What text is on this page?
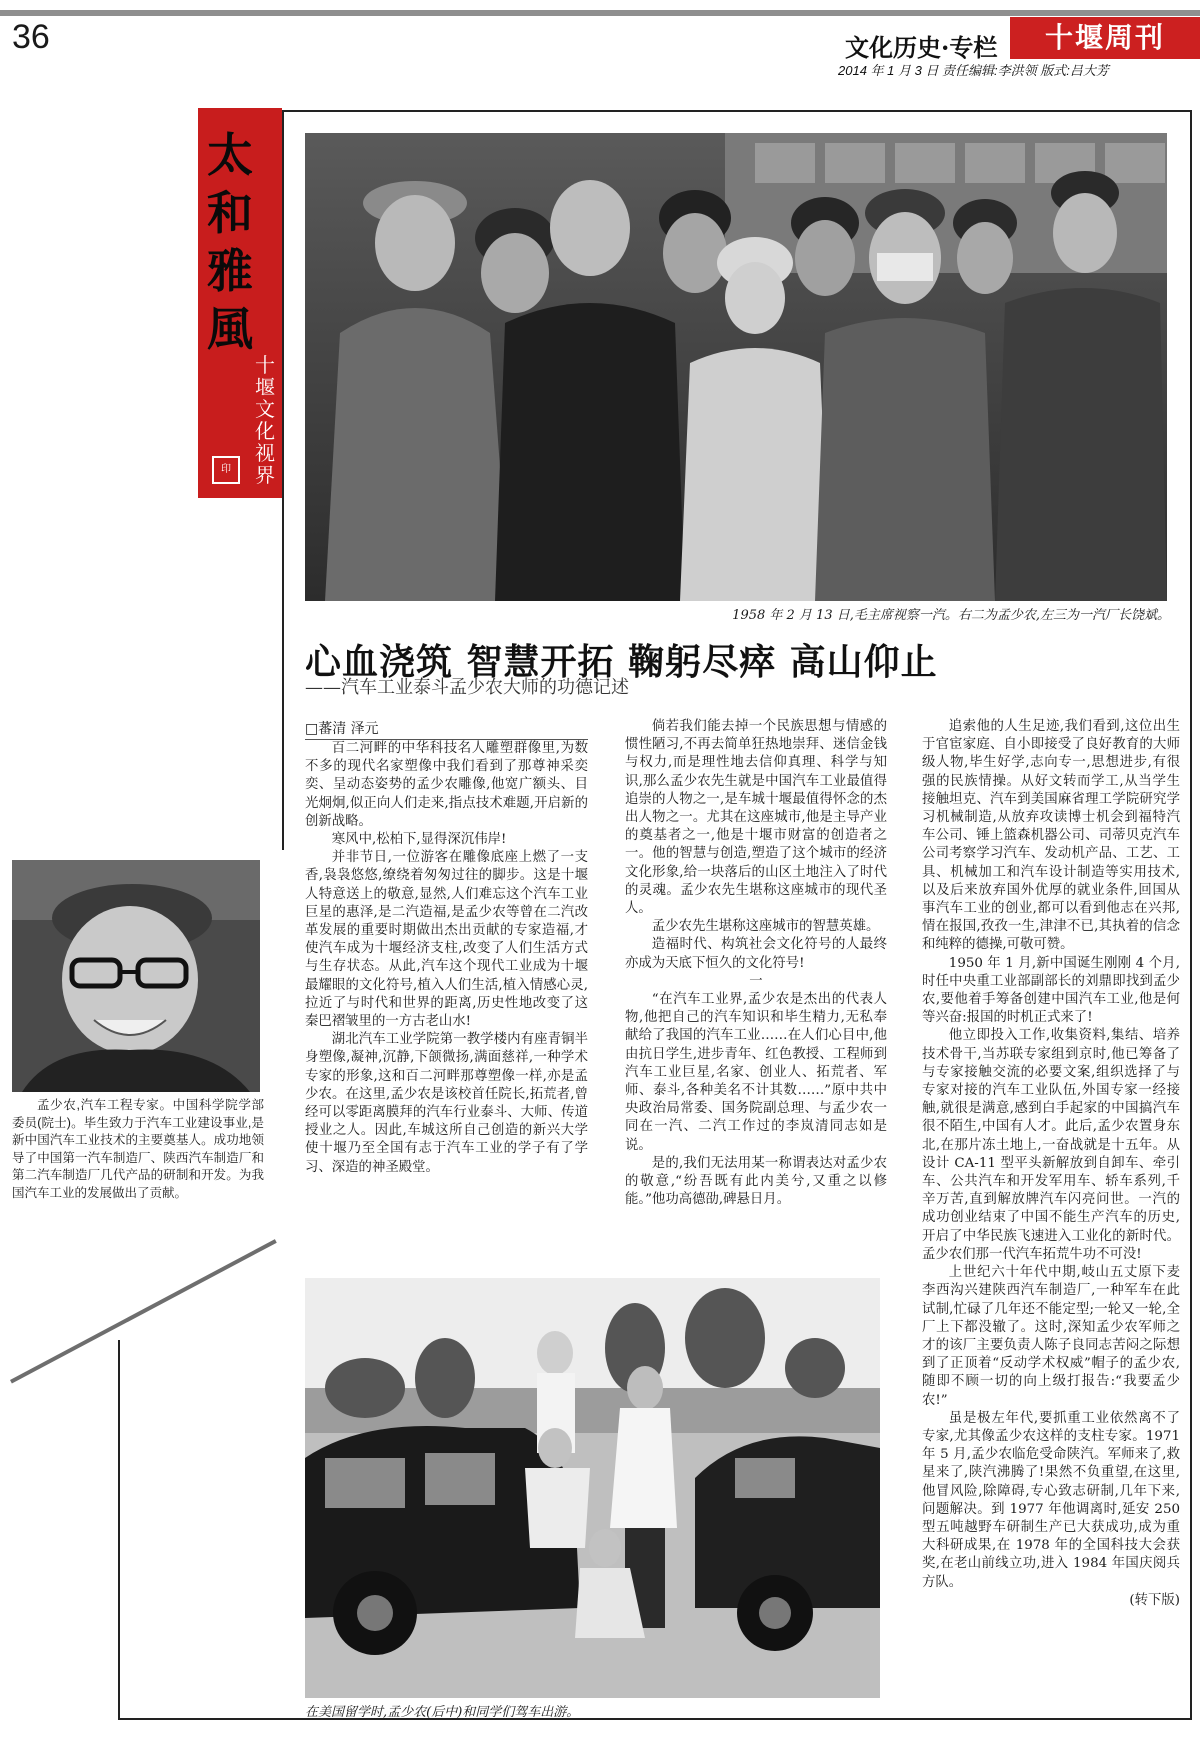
36	文化历史·专栏	十堰周刊
2014 年 1 月 3 日 责任编辑:李洪领 版式:吕大芳
太和雅風
十堰文化视界
印
1958 年 2 月 13 日,毛主席视察一汽。右二为孟少农,左三为一汽厂长饶斌。
心血浇筑 智慧开拓 鞠躬尽瘁 高山仰止
——汽车工业泰斗孟少农大师的功德记述
□蕃清 泽元

百二河畔的中华科技名人雕塑群像里,为数不多的现代名家塑像中我们看到了那尊神采奕奕、呈动态姿势的孟少农雕像,他宽广额头、目光炯炯,似正向人们走来,指点技术难题,开启新的创新战略。

寒风中,松柏下,显得深沉伟岸!

并非节日,一位游客在雕像底座上燃了一支香,袅袅悠悠,缭绕着匆匆过往的脚步。这是十堰人特意送上的敬意,显然,人们难忘这个汽车工业巨星的惠泽,是二汽造福,是孟少农等曾在二汽改革发展的重要时期做出杰出贡献的专家造福,才使汽车成为十堰经济支柱,改变了人们生活方式与生存状态。从此,汽车这个现代工业成为十堰最耀眼的文化符号,植入人们生活,植入情感心灵,拉近了与时代和世界的距离,历史性地改变了这秦巴褶皱里的一方古老山水!

湖北汽车工业学院第一教学楼内有座青铜半身塑像,凝神,沉静,下颌微扬,满面慈祥,一种学术专家的形象,这和百二河畔那尊塑像一样,亦是孟少农。在这里,孟少农是该校首任院长,拓荒者,曾经可以零距离膜拜的汽车行业泰斗、大师、传道授业之人。因此,车城这所自己创造的新兴大学使十堰乃至全国有志于汽车工业的学子有了学习、深造的神圣殿堂。

倘若我们能去掉一个民族思想与情感的惯性陋习,不再去简单狂热地崇拜、迷信金钱与权力,而是理性地去信仰真理、科学与知识,那么孟少农先生就是中国汽车工业最值得追崇的人物之一,是车城十堰最值得怀念的杰出人物之一。尤其在这座城市,他是主导产业的奠基者之一,他是十堰市财富的创造者之一。他的智慧与创造,塑造了这个城市的经济文化形象,给一块落后的山区土地注入了时代的灵魂。孟少农先生堪称这座城市的现代圣人。

孟少农先生堪称这座城市的智慧英雄。

造福时代、构筑社会文化符号的人最终亦成为天底下恒久的文化符号!

一

“在汽车工业界,孟少农是杰出的代表人物,他把自己的汽车知识和毕生精力,无私奉献给了我国的汽车工业……在人们心目中,他由抗日学生,进步青年、红色教授、工程师到汽车工业巨星,名家、创业人、拓荒者、军师、泰斗,各种美名不计其数……”原中共中央政治局常委、国务院副总理、与孟少农一同在一汽、二汽工作过的李岚清同志如是说。

是的,我们无法用某一称谓表达对孟少农的敬意,“纷吾既有此内美兮,又重之以修能。”他功高德劭,碑悬日月。

追索他的人生足迹,我们看到,这位出生于官宦家庭、自小即接受了良好教育的大师级人物,毕生好学,志向专一,思想进步,有很强的民族情操。从好文转而学工,从当学生接触坦克、汽车到美国麻省理工学院研究学习机械制造,从放弃攻读博士机会到福特汽车公司、锤上篮森机器公司、司蒂贝克汽车公司考察学习汽车、发动机产品、工艺、工具、机械加工和汽车设计制造等实用技术,以及后来放弃国外优厚的就业条件,回国从事汽车工业的创业,都可以看到他志在兴邦,情在报国,孜孜一生,津津不已,其执着的信念和纯粹的德操,可敬可赞。

1950 年 1 月,新中国诞生刚刚 4 个月,时任中央重工业部副部长的刘鼎即找到孟少农,要他着手筹备创建中国汽车工业,他是何等兴奋:报国的时机正式来了!

他立即投入工作,收集资料,集结、培养技术骨干,当苏联专家组到京时,他已筹备了与专家接触交流的必要文案,组织选择了与专家对接的汽车工业队伍,外国专家一经接触,就很是满意,感到白手起家的中国搞汽车很不陌生,中国有人才。此后,孟少农置身东北,在那片冻土地上,一奋战就是十五年。从设计 CA-11 型平头新解放到自卸车、牵引车、公共汽车和开发军用车、轿车系列,千辛万苦,直到解放牌汽车闪亮问世。一汽的成功创业结束了中国不能生产汽车的历史,开启了中华民族飞速进入工业化的新时代。孟少农们那一代汽车拓荒牛功不可没!

上世纪六十年代中期,岐山五丈原下麦李西沟兴建陕西汽车制造厂,一种军车在此试制,忙碌了几年还不能定型;一轮又一轮,全厂上下都没辙了。这时,深知孟少农军师之才的该厂主要负责人陈子良同志苦闷之际想到了正顶着“反动学术权威”帽子的孟少农,随即不顾一切的向上级打报告:“我要孟少农!”

虽是极左年代,要抓重工业依然离不了专家,尤其像孟少农这样的支柱专家。1971 年 5 月,孟少农临危受命陕汽。军师来了,救星来了,陕汽沸腾了!果然不负重望,在这里,他冒风险,除障碍,专心致志研制,几年下来,问题解决。到 1977 年他调离时,延安 250 型五吨越野车研制生产已大获成功,成为重大科研成果,在 1978 年的全国科技大会获奖,在老山前线立功,进入 1984 年国庆阅兵方队。

(转下版)

孟少农,汽车工程专家。中国科学院学部委员(院士)。毕生致力于汽车工业建设事业,是新中国汽车工业技术的主要奠基人。成功地领导了中国第一汽车制造厂、陕西汽车制造厂和第二汽车制造厂几代产品的研制和开发。为我国汽车工业的发展做出了贡献。

在美国留学时,孟少农(后中)和同学们驾车出游。
